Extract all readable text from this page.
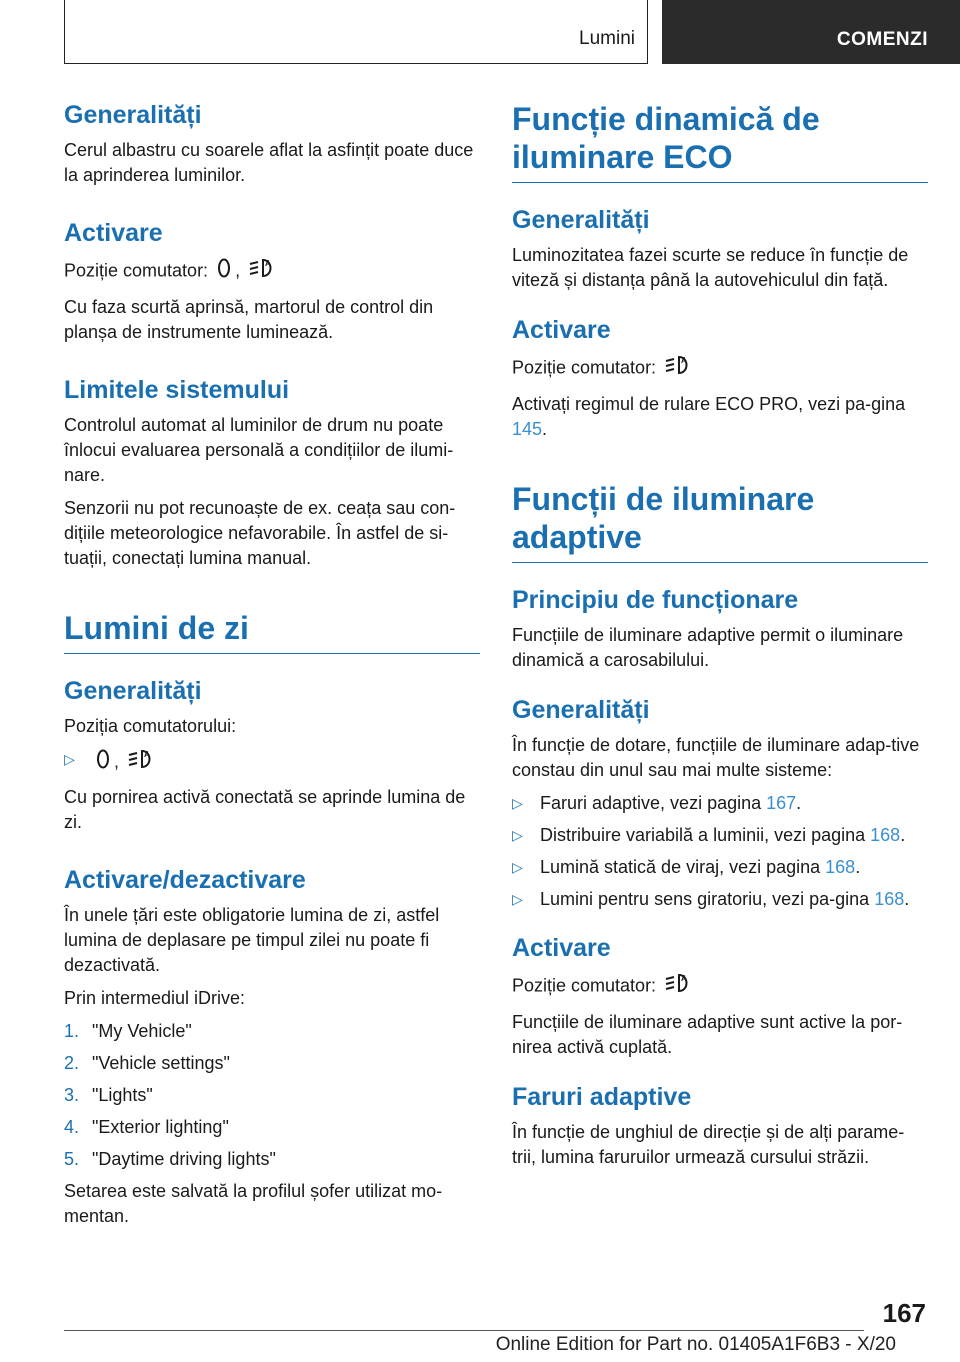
Lumini	COMENZI
Generalități

Cerul albastru cu soarele aflat la asfințit poate duce la aprinderea luminilor.

Activare

Poziție comutator: ,	A

Cu faza scurtă aprinsă, martorul de control din planșa de instrumente luminează.

Limitele sistemului

Controlul automat al luminilor de drum nu poate înlocui evaluarea personală a condițiilor de ilumi-nare.

Senzorii nu pot recunoaște de ex. ceața sau con-dițiile meteorologice nefavorabile. În astfel de si-tuații, conectați lumina manual.

Lumini de zi
Generalități

Poziția comutatorului:

▷ ,	A

Cu pornirea activă conectată se aprinde lumina de zi.

Activare/dezactivare

În unele țări este obligatorie lumina de zi, astfel lumina de deplasare pe timpul zilei nu poate fi dezactivată.

Prin intermediul iDrive:

1. "My Vehicle"
2. "Vehicle settings"
3. "Lights"
4. "Exterior lighting"
5. "Daytime driving lights"

Setarea este salvată la profilul șofer utilizat mo-mentan.

Funcție dinamică de iluminare ECO
Generalități

Luminozitatea fazei scurte se reduce în funcție de viteză și distanța până la autovehiculul din față.

Activare

Poziție comutator:	A

Activați regimul de rulare ECO PRO, vezi pa-gina 145.

Funcții de iluminare adaptive
Principiu de funcționare

Funcțiile de iluminare adaptive permit o iluminare dinamică a carosabilului.

Generalități

În funcție de dotare, funcțiile de iluminare adap-tive constau din unul sau mai multe sisteme:

▷ Faruri adaptive, vezi pagina 167.
▷ Distribuire variabilă a luminii, vezi pagina 168.
▷ Lumină statică de viraj, vezi pagina 168.
▷ Lumini pentru sens giratoriu, vezi pa-gina 168.
Activare

Poziție comutator:	A

Funcțiile de iluminare adaptive sunt active la por-nirea activă cuplată.

Faruri adaptive

În funcție de unghiul de direcție și de alți parame-trii, lumina faruruilor urmează cursului străzii.

167
Online Edition for Part no. 01405A1F6B3 - X/20
